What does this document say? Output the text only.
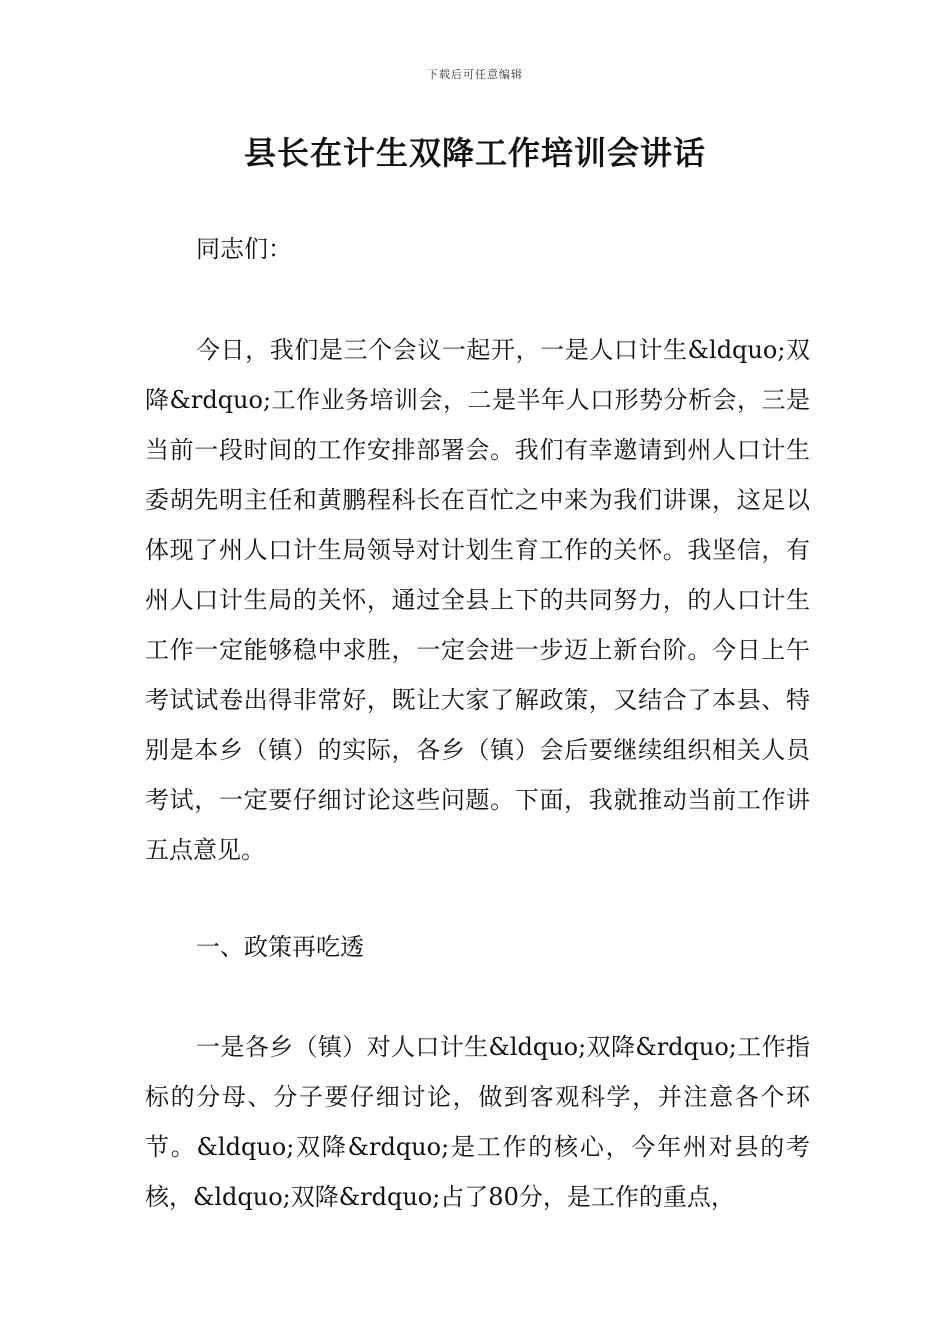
下载后可任意编辑
县长在计生双降工作培训会讲话

同志们：

今日，我们是三个会议一起开，一是人口计生&ldquo;双降&rdquo;工作业务培训会，二是半年人口形势分析会，三是当前一段时间的工作安排部署会。我们有幸邀请到州人口计生委胡先明主任和黄鹏程科长在百忙之中来为我们讲课，这足以体现了州人口计生局领导对计划生育工作的关怀。我坚信，有州人口计生局的关怀，通过全县上下的共同努力，的人口计生工作一定能够稳中求胜，一定会进一步迈上新台阶。今日上午考试试卷出得非常好，既让大家了解政策，又结合了本县、特别是本乡（镇）的实际，各乡（镇）会后要继续组织相关人员考试，一定要仔细讨论这些问题。下面，我就推动当前工作讲五点意见。

一、政策再吃透

一是各乡（镇）对人口计生&ldquo;双降&rdquo;工作指标的分母、分子要仔细讨论，做到客观科学，并注意各个环节。&ldquo;双降&rdquo;是工作的核心，今年州对县的考核，&ldquo;双降&rdquo;占了80分，是工作的重点，
